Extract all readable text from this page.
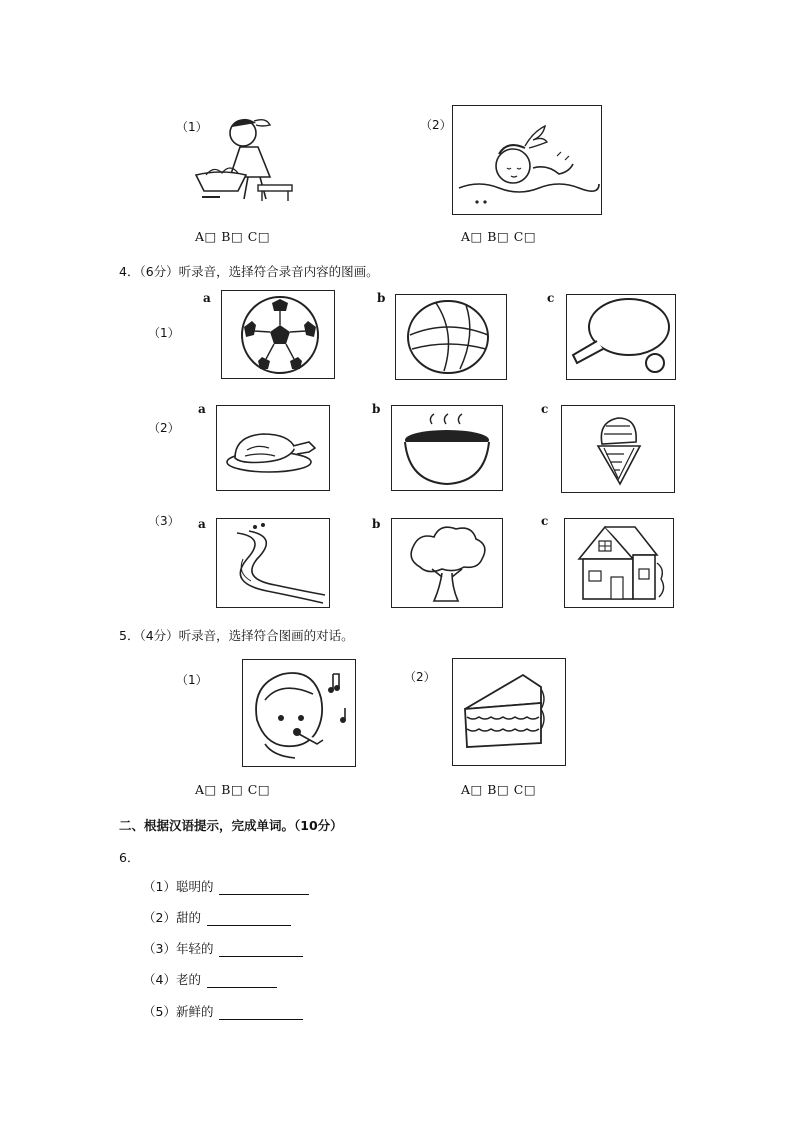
（1）
A□ B□ C□
（2）
A□ B□ C□
4．（6分）听录音，选择符合录音内容的图画。
（1）
a	b	c
（2）
a	b	c
（3） a	b	c
5．（4分）听录音，选择符合图画的对话。
（1）
A□ B□ C□
（2）
A□ B□ C□
二、根据汉语提示，完成单词。（10分）
6．
（1）聪明的
（2）甜的
（3）年轻的
（4）老的
（5）新鲜的
